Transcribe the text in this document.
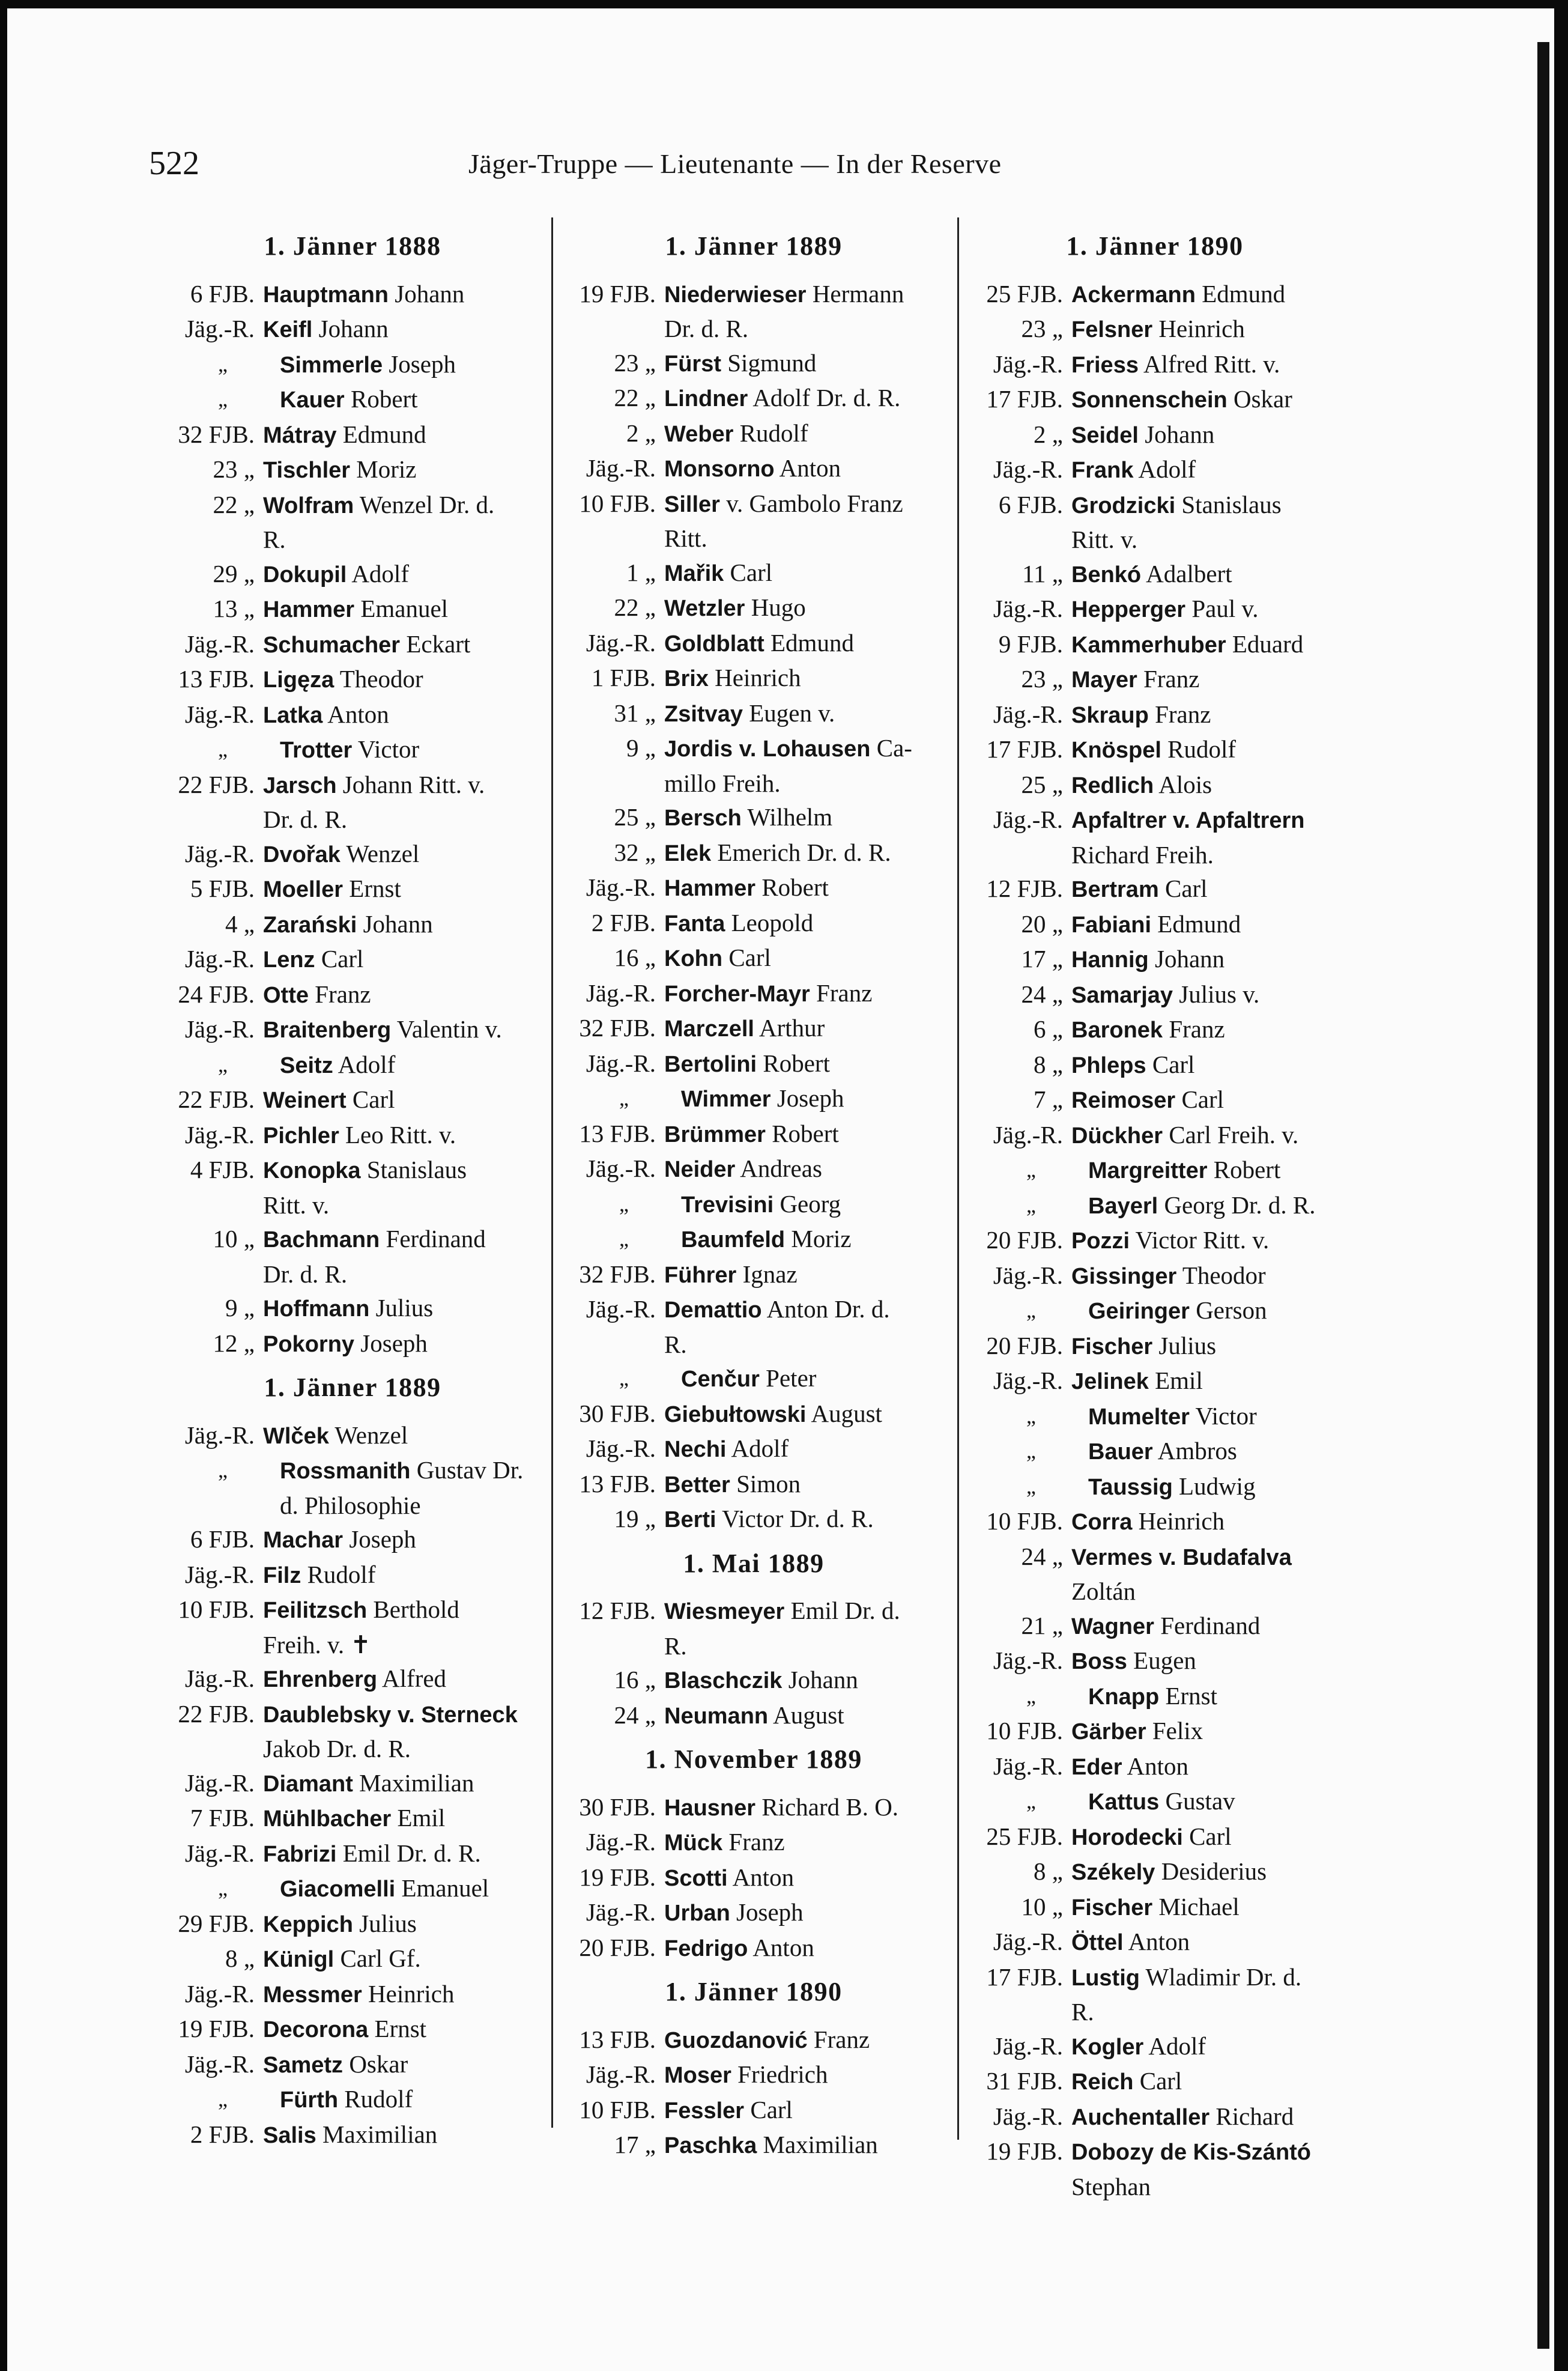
522	Jäger-Truppe — Lieutenante — In der Reserve
1. Jänner 1888
6 FJB. Hauptmann Johann
Jäg.-R. Keifl Johann
„	Simmerle Joseph
„	Kauer Robert
32 FJB. Mátray Edmund
23 „ Tischler Moriz
22 „ Wolfram Wenzel Dr. d.
R.
29 „ Dokupil Adolf
13 „ Hammer Emanuel
Jäg.-R. Schumacher Eckart
13 FJB. Ligęza Theodor
Jäg.-R. Latka Anton
„	Trotter Victor
22 FJB. Jarsch Johann Ritt. v.
Dr. d. R.
Jäg.-R. Dvořak Wenzel
5 FJB. Moeller Ernst
4 „ Zarański Johann
Jäg.-R. Lenz Carl
24 FJB. Otte Franz
Jäg.-R. Braitenberg Valentin v.
„	Seitz Adolf
22 FJB. Weinert Carl
Jäg.-R. Pichler Leo Ritt. v.
4 FJB. Konopka Stanislaus
Ritt. v.
10 „ Bachmann Ferdinand
Dr. d. R.
9 „ Hoffmann Julius
12 „ Pokorny Joseph
1. Jänner 1889
Jäg.-R. Wlček Wenzel
„	Rossmanith Gustav Dr.
d. Philosophie
6 FJB. Machar Joseph
Jäg.-R. Filz Rudolf
10 FJB. Feilitzsch Berthold
Freih. v. ✝
Jäg.-R. Ehrenberg Alfred
22 FJB. Daublebsky v. Sterneck
Jakob Dr. d. R.
Jäg.-R. Diamant Maximilian
7 FJB. Mühlbacher Emil
Jäg.-R. Fabrizi Emil Dr. d. R.
„	Giacomelli Emanuel
29 FJB. Keppich Julius
8 „ Künigl Carl Gf.
Jäg.-R. Messmer Heinrich
19 FJB. Decorona Ernst
Jäg.-R. Sametz Oskar
„	Fürth Rudolf
2 FJB. Salis Maximilian
1. Jänner 1889
19 FJB. Niederwieser Hermann
Dr. d. R.
23 „ Fürst Sigmund
22 „ Lindner Adolf Dr. d. R.
2 „ Weber Rudolf
Jäg.-R. Monsorno Anton
10 FJB. Siller v. Gambolo Franz
Ritt.
1 „ Mařik Carl
22 „ Wetzler Hugo
Jäg.-R. Goldblatt Edmund
1 FJB. Brix Heinrich
31 „ Zsitvay Eugen v.
9 „ Jordis v. Lohausen Ca-
millo Freih.
25 „ Bersch Wilhelm
32 „ Elek Emerich Dr. d. R.
Jäg.-R. Hammer Robert
2 FJB. Fanta Leopold
16 „ Kohn Carl
Jäg.-R. Forcher-Mayr Franz
32 FJB. Marczell Arthur
Jäg.-R. Bertolini Robert
„	Wimmer Joseph
13 FJB. Brümmer Robert
Jäg.-R. Neider Andreas
„	Trevisini Georg
„	Baumfeld Moriz
32 FJB. Führer Ignaz
Jäg.-R. Demattio Anton Dr. d.
R.
„	Cenčur Peter
30 FJB. Giebułtowski August
Jäg.-R. Nechi Adolf
13 FJB. Better Simon
19 „ Berti Victor Dr. d. R.
1. Mai 1889
12 FJB. Wiesmeyer Emil Dr. d.
R.
16 „ Blaschczik Johann
24 „ Neumann August
1. November 1889
30 FJB. Hausner Richard B. O.
Jäg.-R. Mück Franz
19 FJB. Scotti Anton
Jäg.-R. Urban Joseph
20 FJB. Fedrigo Anton
1. Jänner 1890
13 FJB. Guozdanović Franz
Jäg.-R. Moser Friedrich
10 FJB. Fessler Carl
17 „ Paschka Maximilian
1. Jänner 1890
25 FJB. Ackermann Edmund
23 „ Felsner Heinrich
Jäg.-R. Friess Alfred Ritt. v.
17 FJB. Sonnenschein Oskar
2 „ Seidel Johann
Jäg.-R. Frank Adolf
6 FJB. Grodzicki Stanislaus
Ritt. v.
11 „ Benkó Adalbert
Jäg.-R. Hepperger Paul v.
9 FJB. Kammerhuber Eduard
23 „ Mayer Franz
Jäg.-R. Skraup Franz
17 FJB. Knöspel Rudolf
25 „ Redlich Alois
Jäg.-R. Apfaltrer v. Apfaltrern
Richard Freih.
12 FJB. Bertram Carl
20 „ Fabiani Edmund
17 „ Hannig Johann
24 „ Samarjay Julius v.
6 „ Baronek Franz
8 „ Phleps Carl
7 „ Reimoser Carl
Jäg.-R. Dückher Carl Freih. v.
„	Margreitter Robert
„	Bayerl Georg Dr. d. R.
20 FJB. Pozzi Victor Ritt. v.
Jäg.-R. Gissinger Theodor
„	Geiringer Gerson
20 FJB. Fischer Julius
Jäg.-R. Jelinek Emil
„	Mumelter Victor
„	Bauer Ambros
„	Taussig Ludwig
10 FJB. Corra Heinrich
24 „ Vermes v. Budafalva
Zoltán
21 „ Wagner Ferdinand
Jäg.-R. Boss Eugen
„	Knapp Ernst
10 FJB. Gärber Felix
Jäg.-R. Eder Anton
„	Kattus Gustav
25 FJB. Horodecki Carl
8 „ Székely Desiderius
10 „ Fischer Michael
Jäg.-R. Öttel Anton
17 FJB. Lustig Wladimir Dr. d.
R.
Jäg.-R. Kogler Adolf
31 FJB. Reich Carl
Jäg.-R. Auchentaller Richard
19 FJB. Dobozy de Kis-Szántó
Stephan
